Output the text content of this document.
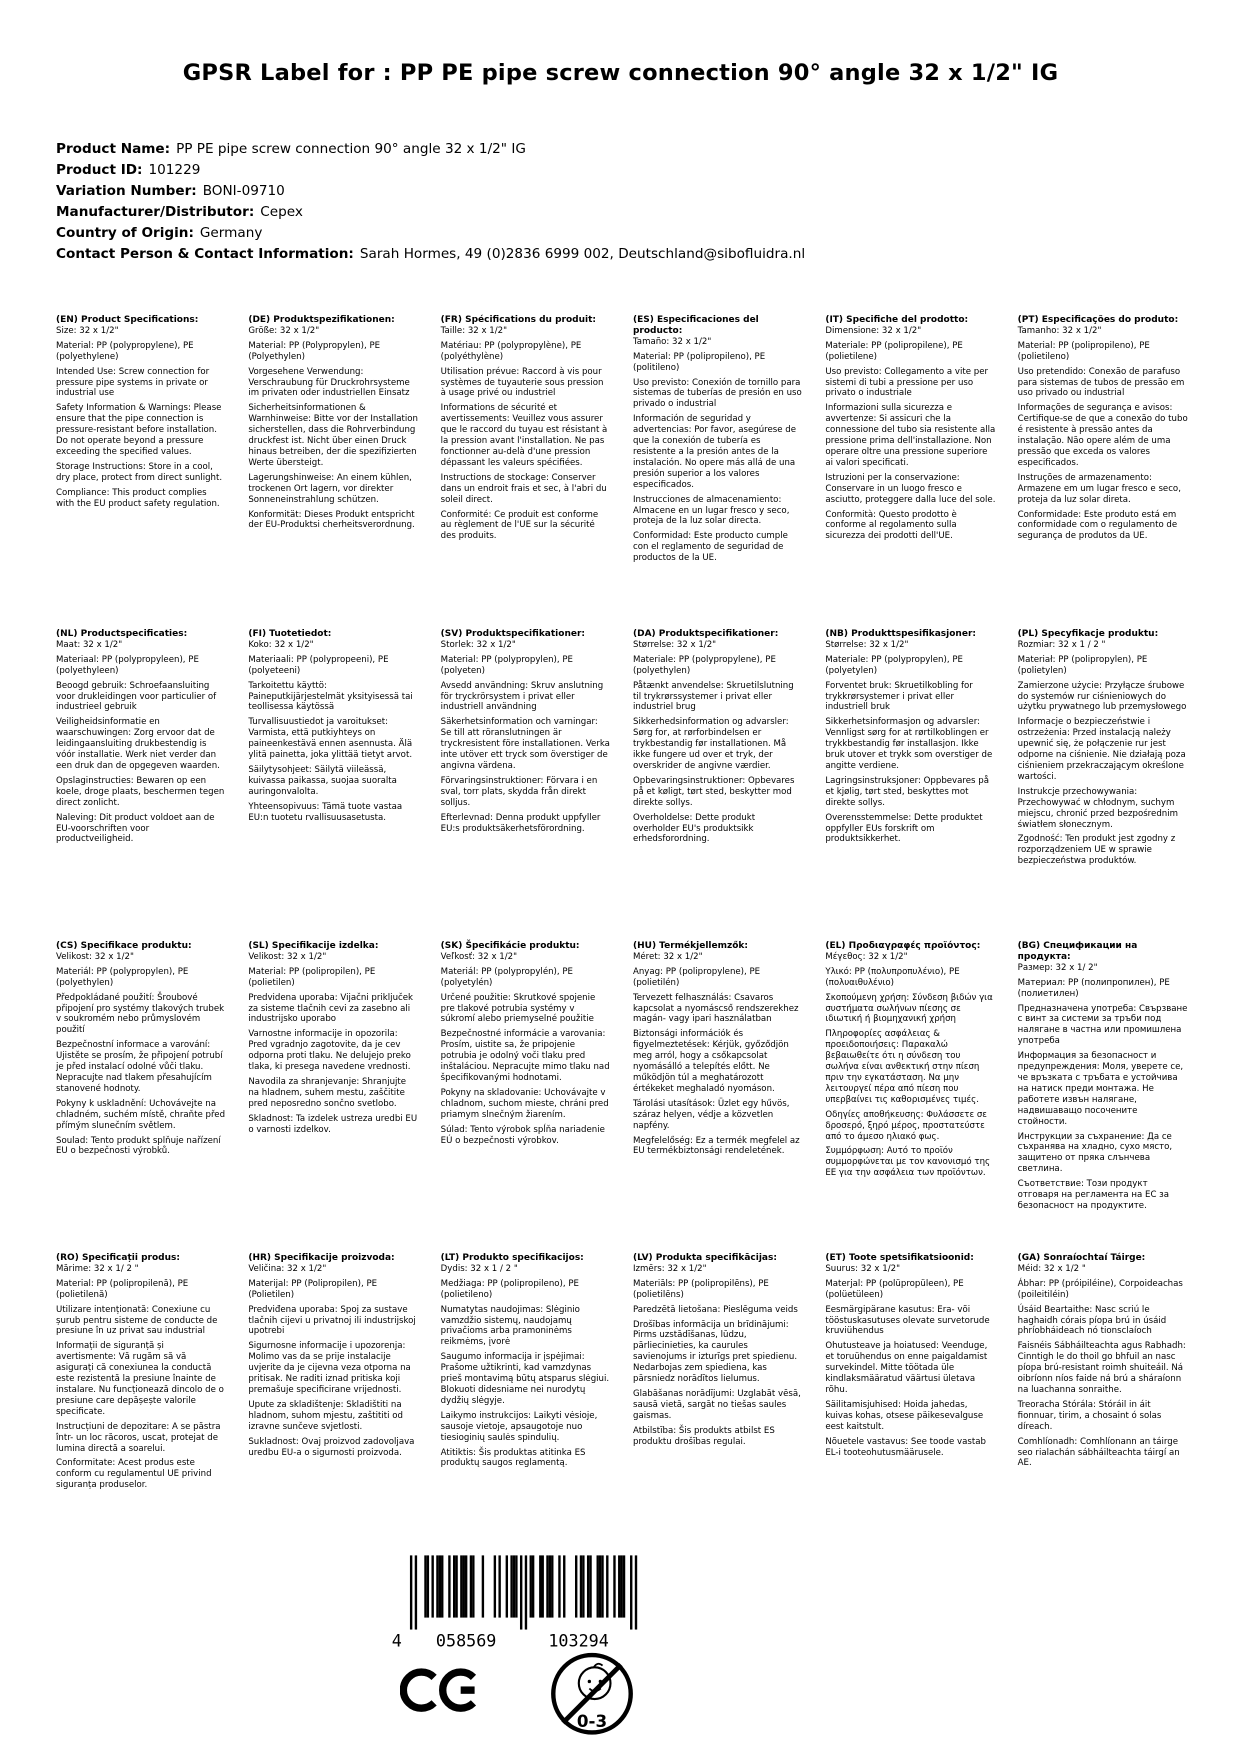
GPSR Label for : PP PE pipe screw connection 90° angle 32 x 1/2" IG
Product Name: PP PE pipe screw connection 90° angle 32 x 1/2" IG
Product ID: 101229
Variation Number: BONI-09710
Manufacturer/Distributor: Cepex
Country of Origin: Germany
Contact Person & Contact Information: Sarah Hormes, 49 (0)2836 6999 002, Deutschland@sibofluidra.nl
(EN) Product Specifications:

Size: 32 x 1/2"

Material: PP (polypropylene), PE (polyethylene)

Intended Use: Screw connection for pressure pipe systems in private or industrial use

Safety Information & Warnings: Please ensure that the pipe connection is pressure-resistant before installation. Do not operate beyond a pressure exceeding the specified values.

Storage Instructions: Store in a cool, dry place, protect from direct sunlight.

Compliance: This product complies with the EU product safety regulation.

(DE) Produktspezifikationen:

Größe: 32 x 1/2"

Material: PP (Polypropylen), PE (Polyethylen)

Vorgesehene Verwendung: Verschraubung für Druckrohrsysteme im privaten oder industriellen Einsatz

Sicherheitsinformationen & Warnhinweise: Bitte vor der Installation sicherstellen, dass die Rohrverbindung druckfest ist. Nicht über einen Druck hinaus betreiben, der die spezifizierten Werte übersteigt.

Lagerungshinweise: An einem kühlen, trockenen Ort lagern, vor direkter Sonneneinstrahlung schützen.

Konformität: Dieses Produkt entspricht der EU-Produktsi cherheitsverordnung.

(FR) Spécifications du produit:

Taille: 32 x 1/2"

Matériau: PP (polypropylène), PE (polyéthylène)

Utilisation prévue: Raccord à vis pour systèmes de tuyauterie sous pression à usage privé ou industriel

Informations de sécurité et avertissements: Veuillez vous assurer que le raccord du tuyau est résistant à la pression avant l'installation. Ne pas fonctionner au-delà d'une pression dépassant les valeurs spécifiées.

Instructions de stockage: Conserver dans un endroit frais et sec, à l'abri du soleil direct.

Conformité: Ce produit est conforme au règlement de l'UE sur la sécurité des produits.

(ES) Especificaciones del producto:

Tamaño: 32 x 1/2"

Material: PP (polipropileno), PE (politileno)

Uso previsto: Conexión de tornillo para sistemas de tuberías de presión en uso privado o industrial

Información de seguridad y advertencias: Por favor, asegúrese de que la conexión de tubería es resistente a la presión antes de la instalación. No opere más allá de una presión superior a los valores especificados.

Instrucciones de almacenamiento: Almacene en un lugar fresco y seco, proteja de la luz solar directa.

Conformidad: Este producto cumple con el reglamento de seguridad de productos de la UE.

(IT) Specifiche del prodotto:

Dimensione: 32 x 1/2"

Materiale: PP (polipropilene), PE (polietilene)

Uso previsto: Collegamento a vite per sistemi di tubi a pressione per uso privato o industriale

Informazioni sulla sicurezza e avvertenze: Si assicuri che la connessione del tubo sia resistente alla pressione prima dell'installazione. Non operare oltre una pressione superiore ai valori specificati.

Istruzioni per la conservazione: Conservare in un luogo fresco e asciutto, proteggere dalla luce del sole.

Conformità: Questo prodotto è conforme al regolamento sulla sicurezza dei prodotti dell'UE.

(PT) Especificações do produto:

Tamanho: 32 x 1/2"

Material: PP (polipropileno), PE (polietileno)

Uso pretendido: Conexão de parafuso para sistemas de tubos de pressão em uso privado ou industrial

Informações de segurança e avisos: Certifique-se de que a conexão do tubo é resistente à pressão antes da instalação. Não opere além de uma pressão que exceda os valores especificados.

Instruções de armazenamento: Armazene em um lugar fresco e seco, proteja da luz solar direta.

Conformidade: Este produto está em conformidade com o regulamento de segurança de produtos da UE.

(NL) Productspecificaties:

Maat: 32 x 1/2"

Materiaal: PP (polypropyleen), PE (polyethyleen)

Beoogd gebruik: Schroefaansluiting voor drukleidingen voor particulier of industrieel gebruik

Veiligheidsinformatie en waarschuwingen: Zorg ervoor dat de leidingaansluiting drukbestendig is vóór installatie. Werk niet verder dan een druk dan de opgegeven waarden.

Opslaginstructies: Bewaren op een koele, droge plaats, beschermen tegen direct zonlicht.

Naleving: Dit product voldoet aan de EU-voorschriften voor productveiligheid.

(FI) Tuotetiedot:

Koko: 32 x 1/2"

Materiaali: PP (polypropeeni), PE (polyeteeni)

Tarkoitettu käyttö: Paineputkijärjestelmät yksityisessä tai teollisessa käytössä

Turvallisuustiedot ja varoitukset: Varmista, että putkiyhteys on paineenkestävä ennen asennusta. Älä ylitä painetta, joka ylittää tietyt arvot.

Säilytysohjeet: Säilytä viileässä, kuivassa paikassa, suojaa suoralta auringonvalolta.

Yhteensopivuus: Tämä tuote vastaa EU:n tuotetu rvallisuusasetusta.

(SV) Produktspecifikationer:

Storlek: 32 x 1/2"

Material: PP (polypropylen), PE (polyeten)

Avsedd användning: Skruv anslutning för tryckrörsystem i privat eller industriell användning

Säkerhetsinformation och varningar: Se till att röranslutningen är tryckresistent före installationen. Verka inte utöver ett tryck som överstiger de angivna värdena.

Förvaringsinstruktioner: Förvara i en sval, torr plats, skydda från direkt solljus.

Efterlevnad: Denna produkt uppfyller EU:s produktsäkerhetsförordning.

(DA) Produktspecifikationer:

Størrelse: 32 x 1/2"

Materiale: PP (polypropylene), PE (polyethylen)

Påtænkt anvendelse: Skruetilslutning til trykrørssystemer i privat eller industriel brug

Sikkerhedsinformation og advarsler: Sørg for, at rørforbindelsen er trykbestandig før installationen. Må ikke fungere ud over et tryk, der overskrider de angivne værdier.

Opbevaringsinstruktioner: Opbevares på et køligt, tørt sted, beskytter mod direkte sollys.

Overholdelse: Dette produkt overholder EU's produktsikk erhedsforordning.

(NB) Produkttspesifikasjoner:

Størrelse: 32 x 1/2"

Materiale: PP (polypropylen), PE (polyetylen)

Forventet bruk: Skruetilkobling for trykkrørsystemer i privat eller industriell bruk

Sikkerhetsinformasjon og advarsler: Vennligst sørg for at rørtilkoblingen er trykkbestandig før installasjon. Ikke bruk utover et trykk som overstiger de angitte verdiene.

Lagringsinstruksjoner: Oppbevares på et kjølig, tørt sted, beskyttes mot direkte sollys.

Overensstemmelse: Dette produktet oppfyller EUs forskrift om produktsikkerhet.

(PL) Specyfikacje produktu:

Rozmiar: 32 x 1 / 2 "

Materiał: PP (polipropylen), PE (polietylen)

Zamierzone użycie: Przyłącze śrubowe do systemów rur ciśnieniowych do użytku prywatnego lub przemysłowego

Informacje o bezpieczeństwie i ostrzeżenia: Przed instalacją należy upewnić się, że połączenie rur jest odporne na ciśnienie. Nie działają poza ciśnieniem przekraczającym określone wartości.

Instrukcje przechowywania: Przechowywać w chłodnym, suchym miejscu, chronić przed bezpośrednim światłem słonecznym.

Zgodność: Ten produkt jest zgodny z rozporządzeniem UE w sprawie bezpieczeństwa produktów.

(CS) Specifikace produktu:

Velikost: 32 x 1/2"

Materiál: PP (polypropylen), PE (polyethylen)

Předpokládané použití: Šroubové připojení pro systémy tlakových trubek v soukromém nebo průmyslovém použití

Bezpečnostní informace a varování: Ujistěte se prosím, že připojení potrubí je před instalací odolné vůči tlaku. Nepracujte nad tlakem přesahujícím stanovené hodnoty.

Pokyny k uskladnění: Uchovávejte na chladném, suchém místě, chraňte před přímým slunečním světlem.

Soulad: Tento produkt splňuje nařízení EU o bezpečnosti výrobků.

(SL) Specifikacije izdelka:

Velikost: 32 x 1/2"

Material: PP (polipropilen), PE (polietilen)

Predvidena uporaba: Vijačni priključek za sisteme tlačnih cevi za zasebno ali industrijsko uporabo

Varnostne informacije in opozorila: Pred vgradnjo zagotovite, da je cev odporna proti tlaku. Ne delujejo preko tlaka, ki presega navedene vrednosti.

Navodila za shranjevanje: Shranjujte na hladnem, suhem mestu, zaščitite pred neposredno sončno svetlobo.

Skladnost: Ta izdelek ustreza uredbi EU o varnosti izdelkov.

(SK) Špecifikácie produktu:

Veľkosť: 32 x 1/2"

Materiál: PP (polypropylén), PE (polyetylén)

Určené použitie: Skrutkové spojenie pre tlakové potrubia systémy v súkromí alebo priemyselné použitie

Bezpečnostné informácie a varovania: Prosím, uistite sa, že pripojenie potrubia je odolný voči tlaku pred inštaláciou. Nepracujte mimo tlaku nad špecifikovanými hodnotami.

Pokyny na skladovanie: Uchovávajte v chladnom, suchom mieste, chráni pred priamym slnečným žiarením.

Súlad: Tento výrobok spĺňa nariadenie EÚ o bezpečnosti výrobkov.

(HU) Termékjellemzők:

Méret: 32 x 1/2"

Anyag: PP (polipropylene), PE (polietilén)

Tervezett felhasználás: Csavaros kapcsolat a nyomáscső rendszerekhez magán- vagy ipari használatban

Biztonsági információk és figyelmeztetések: Kérjük, győződjön meg arról, hogy a csőkapcsolat nyomásálló a telepítés előtt. Ne működjön túl a meghatározott értékeket meghaladó nyomáson.

Tárolási utasítások: Üzlet egy hűvös, száraz helyen, védje a közvetlen napfény.

Megfelelőség: Ez a termék megfelel az EU termékbiztonsági rendeletének.

(EL) Προδιαγραφές προϊόντος:

Μέγεθος: 32 x 1/2"

Υλικό: PP (πολυπροπυλένιο), PE (πολυαιθυλένιο)

Σκοπούμενη χρήση: Σύνδεση βιδών για συστήματα σωλήνων πίεσης σε ιδιωτική ή βιομηχανική χρήση

Πληροφορίες ασφάλειας & προειδοποιήσεις: Παρακαλώ βεβαιωθείτε ότι η σύνδεση του σωλήνα είναι ανθεκτική στην πίεση πριν την εγκατάσταση. Να μην λειτουργεί πέρα από πίεση που υπερβαίνει τις καθορισμένες τιμές.

Οδηγίες αποθήκευσης: Φυλάσσετε σε δροσερό, ξηρό μέρος, προστατεύστε από το άμεσο ηλιακό φως.

Συμμόρφωση: Αυτό το προϊόν συμμορφώνεται με τον κανονισμό της ΕΕ για την ασφάλεια των προϊόντων.

(BG) Спецификации на продукта:

Размер: 32 x 1/ 2"

Материал: PP (полипропилен), PE (полиетилен)

Предназначена употреба: Свързване с винт за системи за тръби под налягане в частна или промишлена употреба

Информация за безопасност и предупреждения: Моля, уверете се, че връзката с тръбата е устойчива на натиск преди монтажа. Не работете извън налягане, надвишаващо посочените стойности.

Инструкции за съхранение: Да се съхранява на хладно, сухо място, защитено от пряка слънчева светлина.

Съответствие: Този продукт отговаря на регламента на ЕС за безопасност на продуктите.

(RO) Specificații produs:

Mărime: 32 x 1/ 2 "

Material: PP (polipropilenă), PE (polietilenă)

Utilizare intenționată: Conexiune cu șurub pentru sisteme de conducte de presiune în uz privat sau industrial

Informații de siguranță și avertismente: Vă rugăm să vă asigurați că conexiunea la conductă este rezistentă la presiune înainte de instalare. Nu funcționează dincolo de o presiune care depășește valorile specificate.

Instrucțiuni de depozitare: A se păstra într- un loc răcoros, uscat, protejat de lumina directă a soarelui.

Conformitate: Acest produs este conform cu regulamentul UE privind siguranța produselor.

(HR) Specifikacije proizvoda:

Veličina: 32 x 1/2"

Materijal: PP (Polipropilen), PE (Polietilen)

Predviđena uporaba: Spoj za sustave tlačnih cijevi u privatnoj ili industrijskoj upotrebi

Sigurnosne informacije i upozorenja: Molimo vas da se prije instalacije uvjerite da je cijevna veza otporna na pritisak. Ne raditi iznad pritiska koji premašuje specificirane vrijednosti.

Upute za skladištenje: Skladištiti na hladnom, suhom mjestu, zaštititi od izravne sunčeve svjetlosti.

Sukladnost: Ovaj proizvod zadovoljava uredbu EU-a o sigurnosti proizvoda.

(LT) Produkto specifikacijos:

Dydis: 32 x 1 / 2 "

Medžiaga: PP (polipropileno), PE (polietileno)

Numatytas naudojimas: Slėginio vamzdžio sistemų, naudojamų privačioms arba pramoninėms reikmėms, įvorė

Saugumo informacija ir įspėjimai: Prašome užtikrinti, kad vamzdynas prieš montavimą būtų atsparus slėgiui. Blokuoti didesniame nei nurodytų dydžių slėgyje.

Laikymo instrukcijos: Laikyti vėsioje, sausoje vietoje, apsaugotoje nuo tiesioginių saulės spindulių.

Atitiktis: Šis produktas atitinka ES produktų saugos reglamentą.

(LV) Produkta specifikācijas:

Izmērs: 32 x 1/2"

Materiāls: PP (polipropilēns), PE (polietilēns)

Paredzētā lietošana: Pieslēguma veids

Drošības informācija un brīdinājumi: Pirms uzstādīšanas, lūdzu, pārliecinieties, ka caurules savienojums ir izturīgs pret spiedienu. Nedarbojas zem spiediena, kas pārsniedz norādītos lielumus.

Glabāšanas norādījumi: Uzglabāt vēsā, sausā vietā, sargāt no tiešas saules gaismas.

Atbilstība: Šis produkts atbilst ES produktu drošības regulai.

(ET) Toote spetsifikatsioonid:

Suurus: 32 x 1/2"

Materjal: PP (polüpropüleen), PE (polüetüleen)

Eesmärgipärane kasutus: Era- või tööstuskasutuses olevate survetorude kruviühendus

Ohutusteave ja hoiatused: Veenduge, et toruühendus on enne paigaldamist survekindel. Mitte töötada üle kindlaksmääratud väärtusi ületava rõhu.

Säilitamisjuhised: Hoida jahedas, kuivas kohas, otsese päikesevalguse eest kaitstult.

Nõuetele vastavus: See toode vastab EL-i tooteohutusmäärusele.

(GA) Sonraíochtaí Táirge:

Méid: 32 x 1/2 "

Ábhar: PP (próipiléine), Corpoideachas (poileitiléin)

Úsáid Beartaithe: Nasc scriú le haghaidh córais píopa brú in úsáid phríobháideach nó tionsclaíoch

Faisnéis Sábháilteachta agus Rabhadh: Cinntigh le do thoil go bhfuil an nasc píopa brú-resistant roimh shuiteáil. Ná oibríonn níos faide ná brú a sháraíonn na luachanna sonraithe.

Treoracha Stórála: Stóráil in áit fionnuar, tirim, a chosaint ó solas díreach.

Comhlíonadh: Comhlíonann an táirge seo rialachán sábháilteachta táirgí an AE.

4 058569	103294
0-3
